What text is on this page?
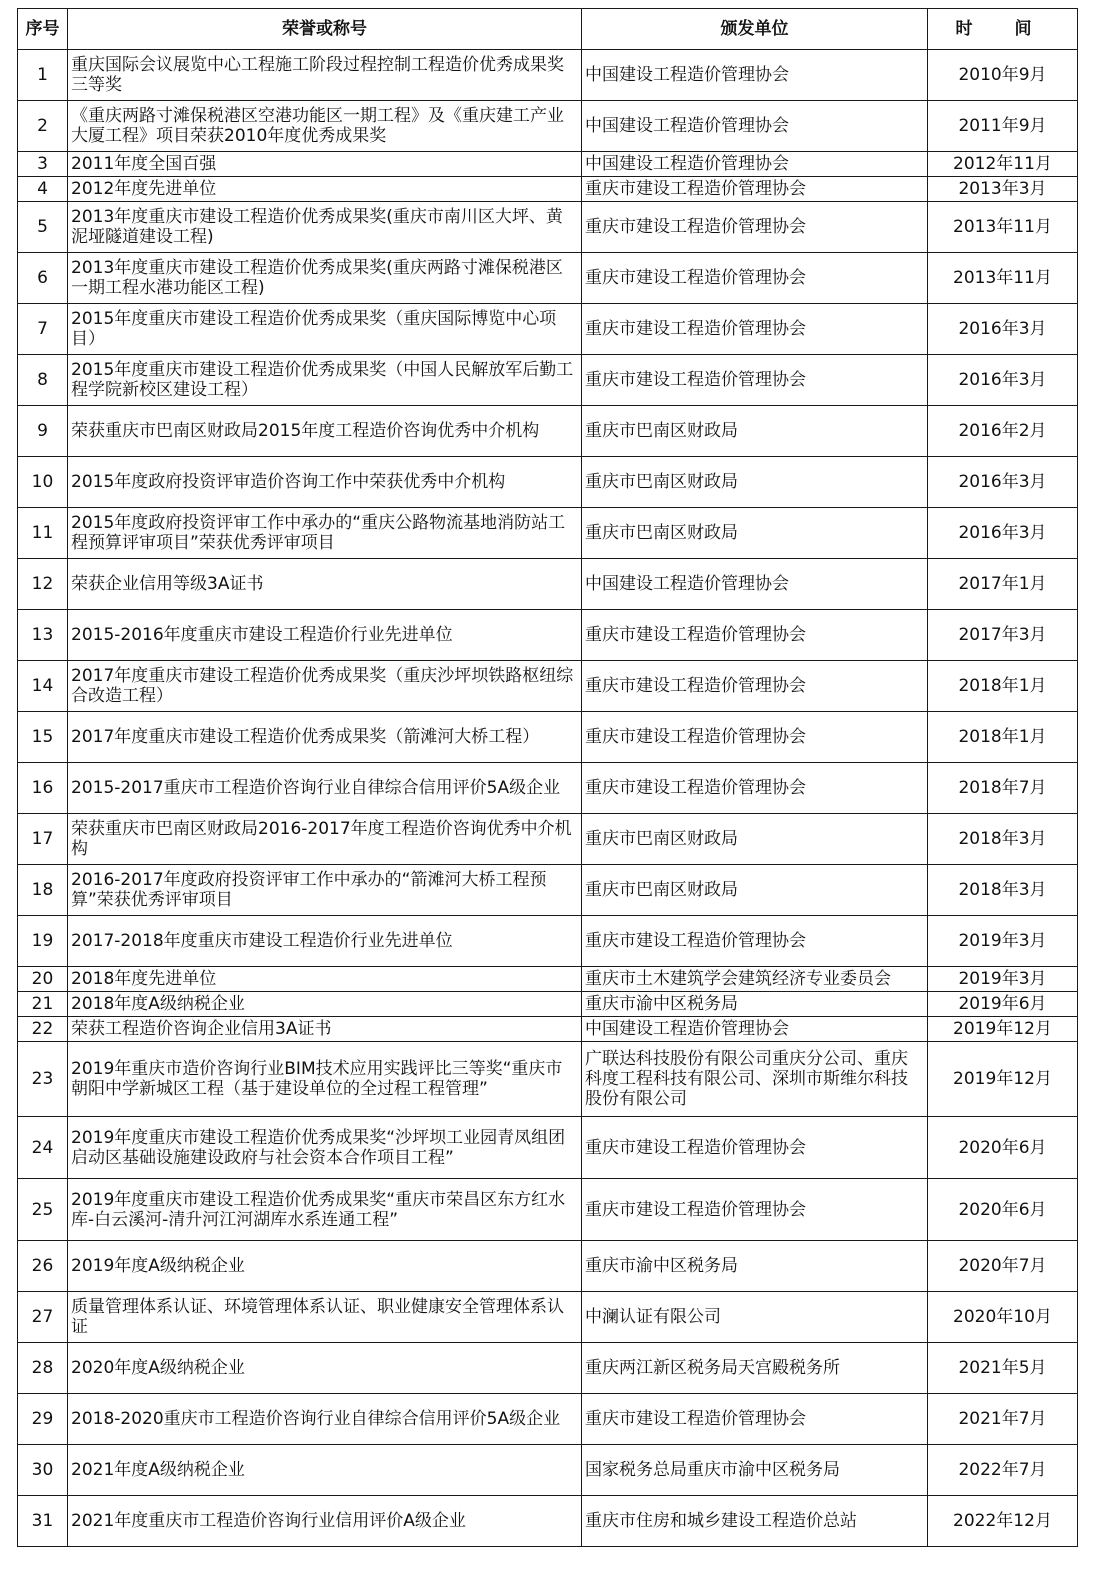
序号	荣誉或称号	颁发单位	时 间
1	重庆国际会议展览中心工程施工阶段过程控制工程造价优秀成果奖三等奖	中国建设工程造价管理协会	2010年9月
2	《重庆两路寸滩保税港区空港功能区一期工程》及《重庆建工产业大厦工程》项目荣获2010年度优秀成果奖	中国建设工程造价管理协会	2011年9月
3	2011年度全国百强	中国建设工程造价管理协会	2012年11月
4	2012年度先进单位	重庆市建设工程造价管理协会	2013年3月
5	2013年度重庆市建设工程造价优秀成果奖(重庆市南川区大坪、黄泥垭隧道建设工程)	重庆市建设工程造价管理协会	2013年11月
6	2013年度重庆市建设工程造价优秀成果奖(重庆两路寸滩保税港区一期工程水港功能区工程)	重庆市建设工程造价管理协会	2013年11月
7	2015年度重庆市建设工程造价优秀成果奖（重庆国际博览中心项目）	重庆市建设工程造价管理协会	2016年3月
8	2015年度重庆市建设工程造价优秀成果奖（中国人民解放军后勤工程学院新校区建设工程）	重庆市建设工程造价管理协会	2016年3月
9	荣获重庆市巴南区财政局2015年度工程造价咨询优秀中介机构	重庆市巴南区财政局	2016年2月
10	2015年度政府投资评审造价咨询工作中荣获优秀中介机构	重庆市巴南区财政局	2016年3月
11	2015年度政府投资评审工作中承办的“重庆公路物流基地消防站工程预算评审项目”荣获优秀评审项目	重庆市巴南区财政局	2016年3月
12	荣获企业信用等级3A证书	中国建设工程造价管理协会	2017年1月
13	2015-2016年度重庆市建设工程造价行业先进单位	重庆市建设工程造价管理协会	2017年3月
14	2017年度重庆市建设工程造价优秀成果奖（重庆沙坪坝铁路枢纽综合改造工程）	重庆市建设工程造价管理协会	2018年1月
15	2017年度重庆市建设工程造价优秀成果奖（箭滩河大桥工程）	重庆市建设工程造价管理协会	2018年1月
16	2015-2017重庆市工程造价咨询行业自律综合信用评价5A级企业	重庆市建设工程造价管理协会	2018年7月
17	荣获重庆市巴南区财政局2016-2017年度工程造价咨询优秀中介机构	重庆市巴南区财政局	2018年3月
18	2016-2017年度政府投资评审工作中承办的“箭滩河大桥工程预算”荣获优秀评审项目	重庆市巴南区财政局	2018年3月
19	2017-2018年度重庆市建设工程造价行业先进单位	重庆市建设工程造价管理协会	2019年3月
20	2018年度先进单位	重庆市土木建筑学会建筑经济专业委员会	2019年3月
21	2018年度A级纳税企业	重庆市渝中区税务局	2019年6月
22	荣获工程造价咨询企业信用3A证书	中国建设工程造价管理协会	2019年12月
23	2019年重庆市造价咨询行业BIM技术应用实践评比三等奖“重庆市朝阳中学新城区工程（基于建设单位的全过程工程管理”	广联达科技股份有限公司重庆分公司、重庆科度工程科技有限公司、深圳市斯维尔科技股份有限公司	2019年12月
24	2019年度重庆市建设工程造价优秀成果奖“沙坪坝工业园青凤组团启动区基础设施建设政府与社会资本合作项目工程”	重庆市建设工程造价管理协会	2020年6月
25	2019年度重庆市建设工程造价优秀成果奖“重庆市荣昌区东方红水库-白云溪河-清升河江河湖库水系连通工程”	重庆市建设工程造价管理协会	2020年6月
26	2019年度A级纳税企业	重庆市渝中区税务局	2020年7月
27	质量管理体系认证、环境管理体系认证、职业健康安全管理体系认证	中澜认证有限公司	2020年10月
28	2020年度A级纳税企业	重庆两江新区税务局天宫殿税务所	2021年5月
29	2018-2020重庆市工程造价咨询行业自律综合信用评价5A级企业	重庆市建设工程造价管理协会	2021年7月
30	2021年度A级纳税企业	国家税务总局重庆市渝中区税务局	2022年7月
31	2021年度重庆市工程造价咨询行业信用评价A级企业	重庆市住房和城乡建设工程造价总站	2022年12月
